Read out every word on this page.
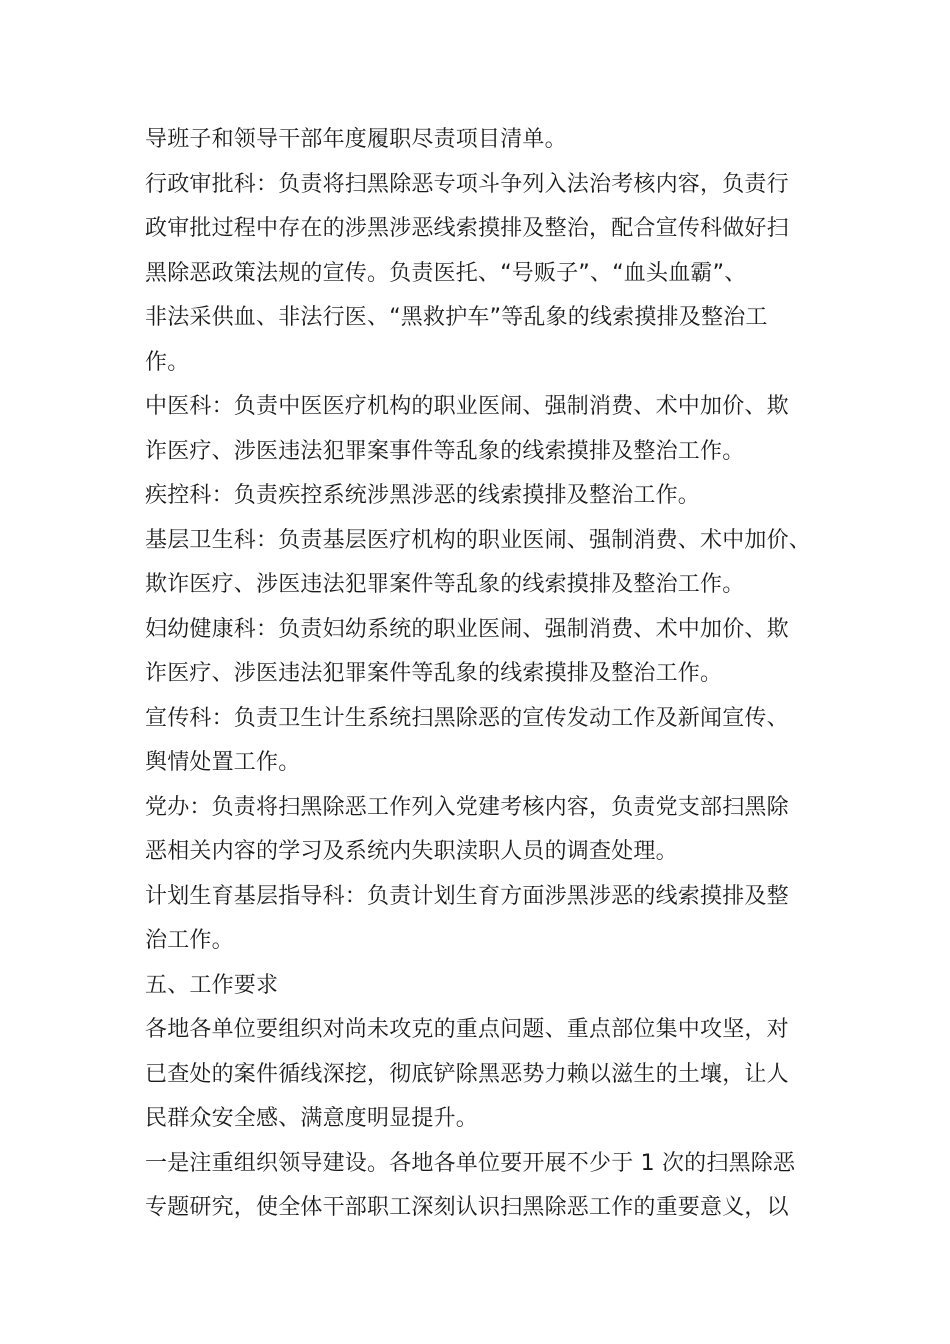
导班子和领导干部年度履职尽责项目清单。
行政审批科：负责将扫黑除恶专项斗争列入法治考核内容，负责行
政审批过程中存在的涉黑涉恶线索摸排及整治，配合宣传科做好扫
黑除恶政策法规的宣传。负责医托、“号贩子”、“血头血霸”、
非法采供血、非法行医、“黑救护车”等乱象的线索摸排及整治工
作。
中医科：负责中医医疗机构的职业医闹、强制消费、术中加价、欺
诈医疗、涉医违法犯罪案事件等乱象的线索摸排及整治工作。
疾控科：负责疾控系统涉黑涉恶的线索摸排及整治工作。
基层卫生科：负责基层医疗机构的职业医闹、强制消费、术中加价、
欺诈医疗、涉医违法犯罪案件等乱象的线索摸排及整治工作。
妇幼健康科：负责妇幼系统的职业医闹、强制消费、术中加价、欺
诈医疗、涉医违法犯罪案件等乱象的线索摸排及整治工作。
宣传科：负责卫生计生系统扫黑除恶的宣传发动工作及新闻宣传、
舆情处置工作。
党办：负责将扫黑除恶工作列入党建考核内容，负责党支部扫黑除
恶相关内容的学习及系统内失职渎职人员的调查处理。
计划生育基层指导科：负责计划生育方面涉黑涉恶的线索摸排及整
治工作。
五、工作要求
各地各单位要组织对尚未攻克的重点问题、重点部位集中攻坚，对
已查处的案件循线深挖，彻底铲除黑恶势力赖以滋生的土壤，让人
民群众安全感、满意度明显提升。
一是注重组织领导建设。各地各单位要开展不少于 1 次的扫黑除恶
专题研究，使全体干部职工深刻认识扫黑除恶工作的重要意义，以
